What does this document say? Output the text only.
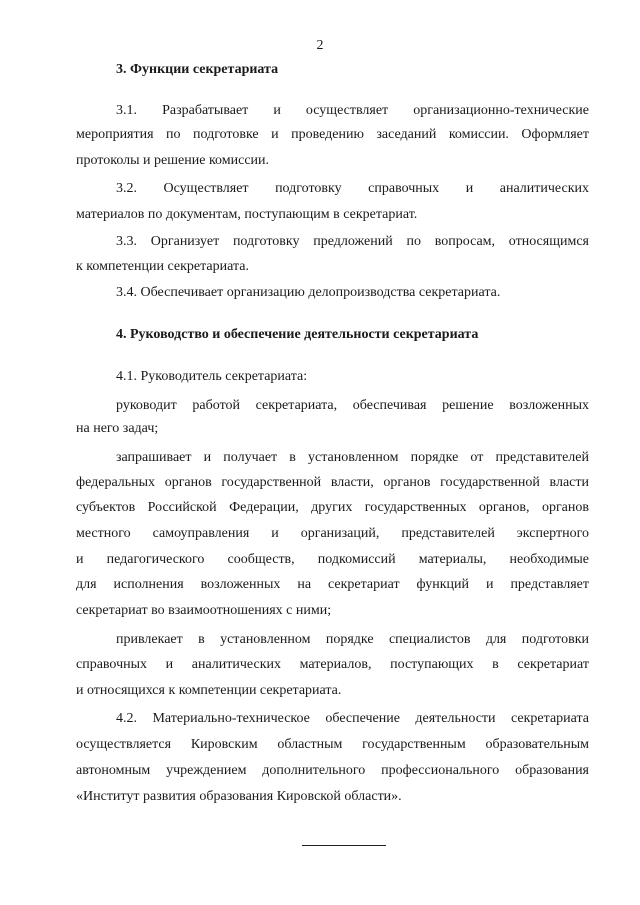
2
3. Функции секретариата
3.1. Разрабатывает и осуществляет организационно-технические
мероприятия по подготовке и проведению заседаний комиссии. Оформляет
протоколы и решение комиссии.
3.2. Осуществляет подготовку справочных и аналитических
материалов по документам, поступающим в секретариат.
3.3. Организует подготовку предложений по вопросам, относящимся
к компетенции секретариата.
3.4. Обеспечивает организацию делопроизводства секретариата.
4. Руководство и обеспечение деятельности секретариата
4.1. Руководитель секретариата:
руководит работой секретариата, обеспечивая решение возложенных
на него задач;
запрашивает и получает в установленном порядке от представителей
федеральных органов государственной власти, органов государственной власти
субъектов Российской Федерации, других государственных органов, органов
местного самоуправления и организаций, представителей экспертного
и педагогического сообществ, подкомиссий материалы, необходимые
для исполнения возложенных на секретариат функций и представляет
секретариат во взаимоотношениях с ними;
привлекает в установленном порядке специалистов для подготовки
справочных и аналитических материалов, поступающих в секретариат
и относящихся к компетенции секретариата.
4.2. Материально-техническое обеспечение деятельности секретариата
осуществляется Кировским областным государственным образовательным
автономным учреждением дополнительного профессионального образования
«Институт развития образования Кировской области».
